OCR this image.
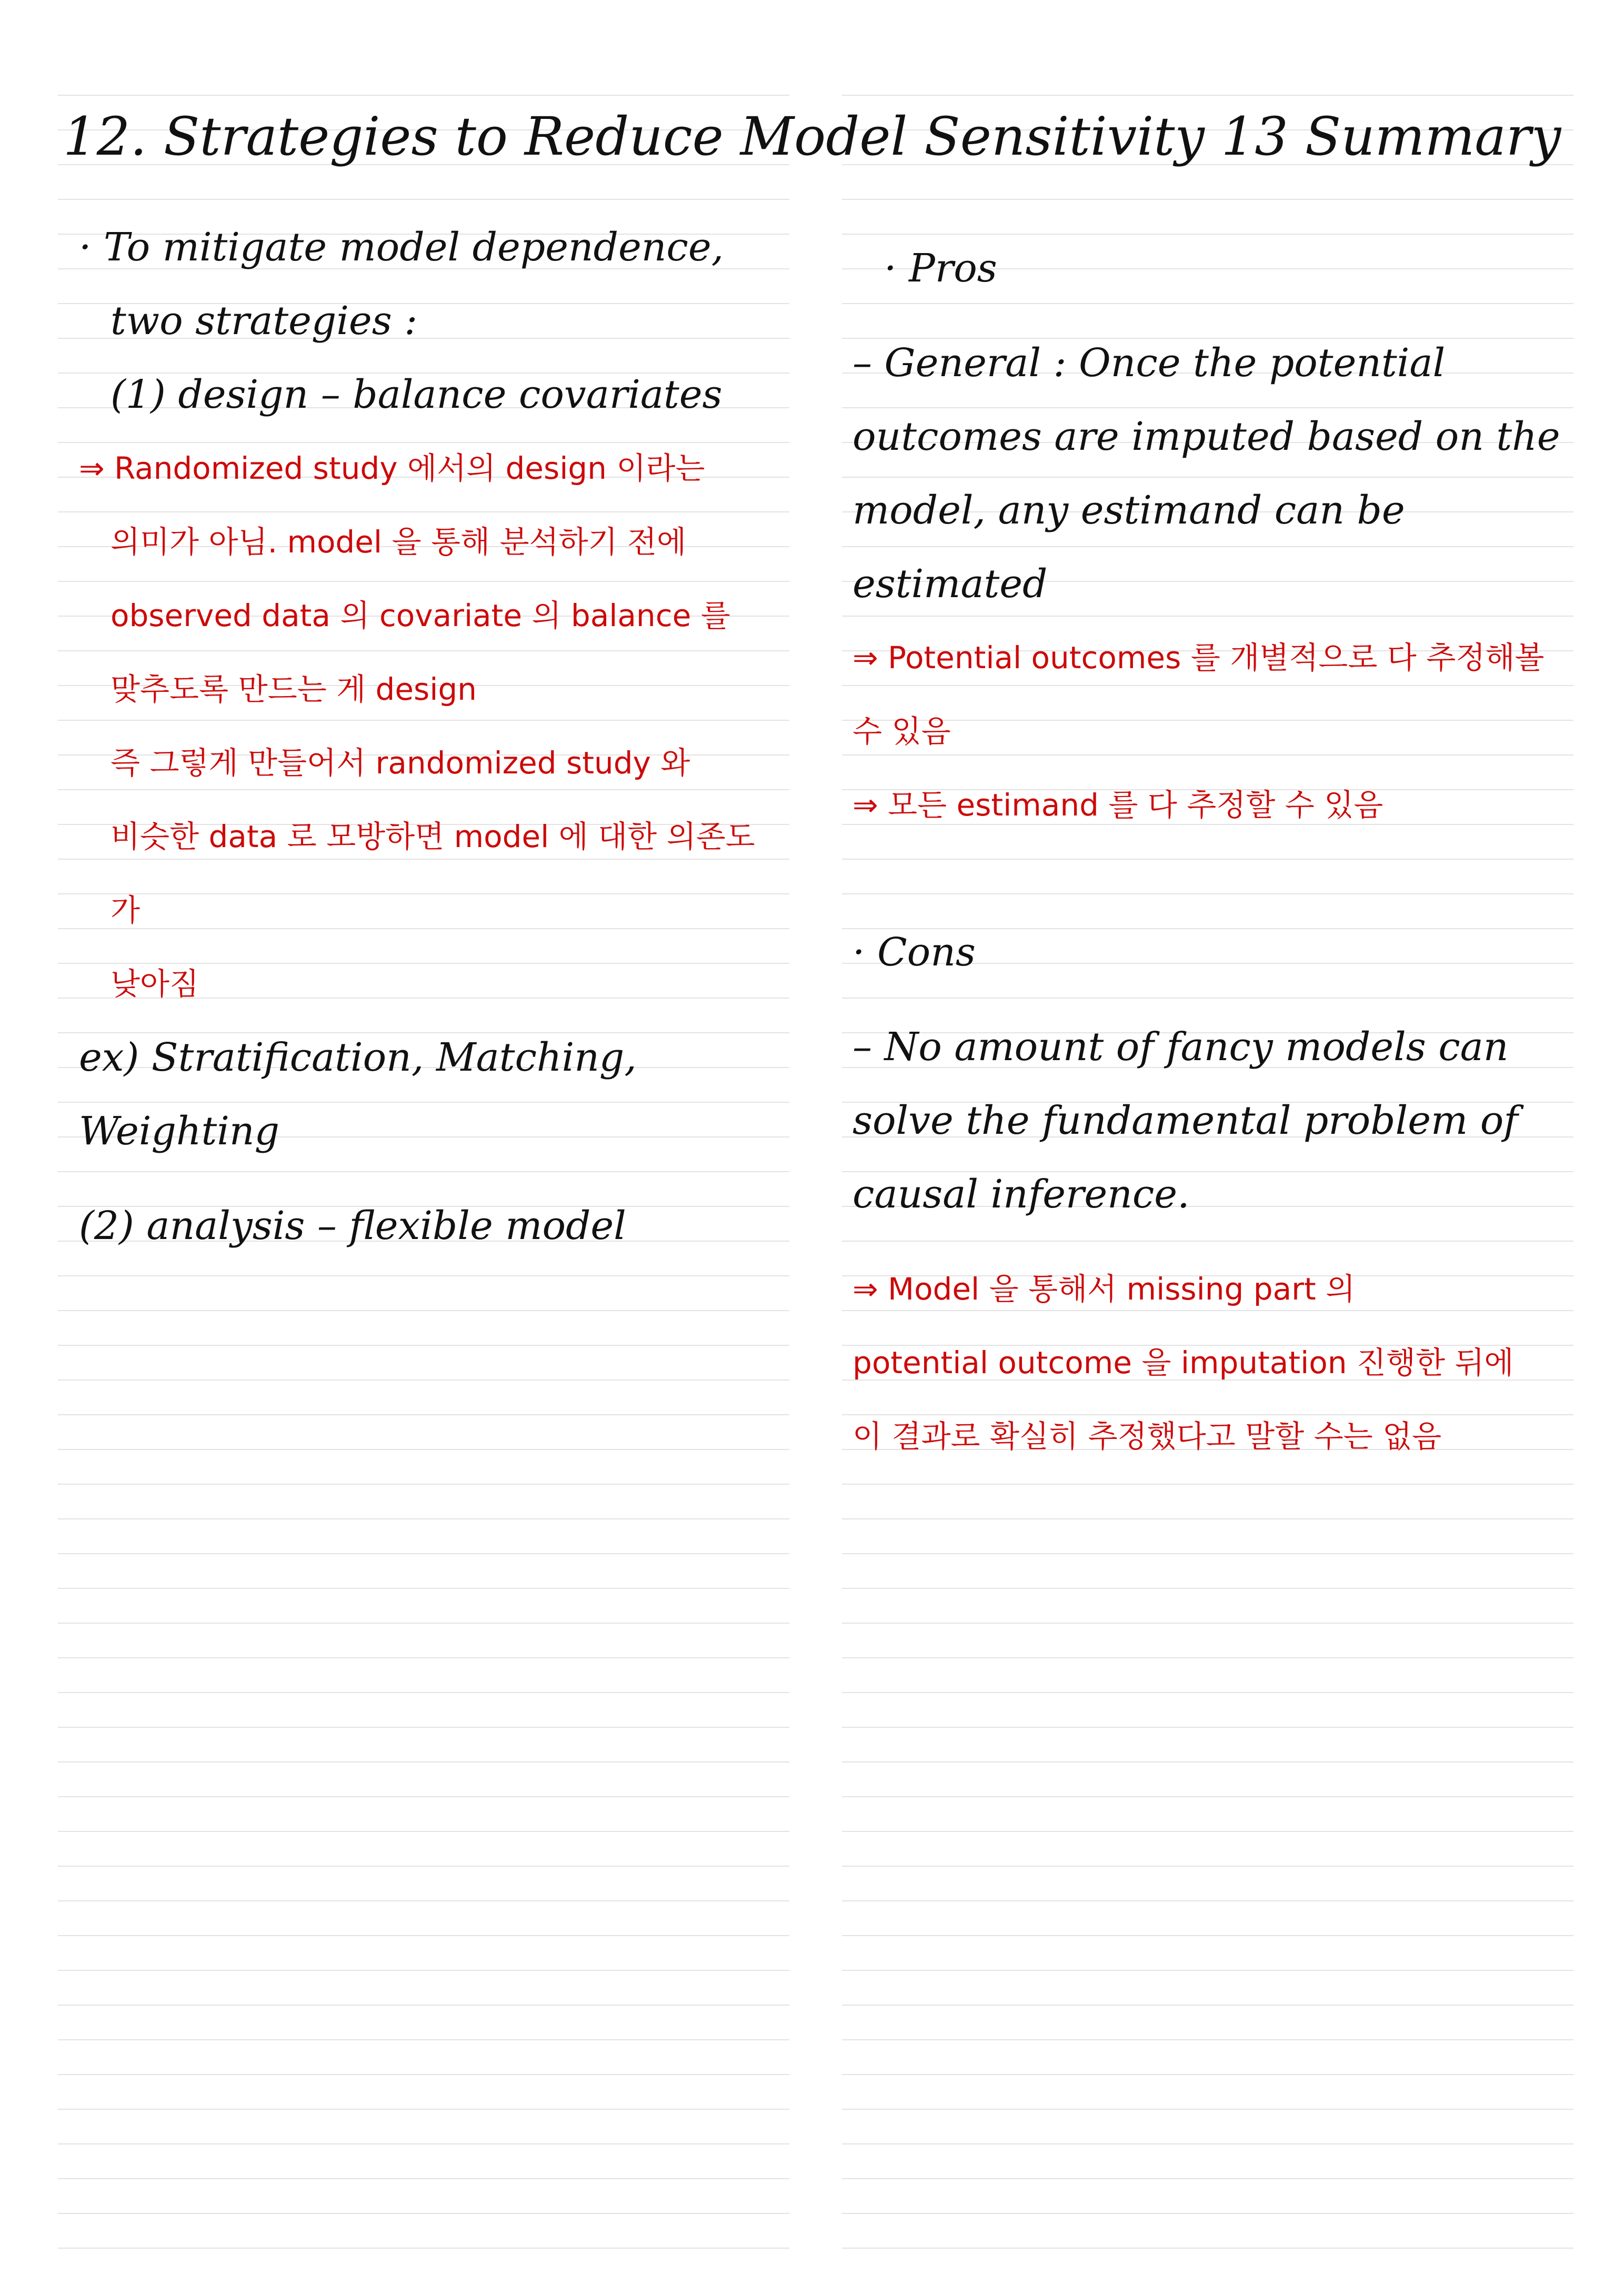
12. Strategies to Reduce Model Sensitivity 13 Summary
· To mitigate model dependence,
two strategies :
(1) design – balance covariates
⇒ Randomized study 에서의 design 이라는
의미가 아님. model 을 통해 분석하기 전에
observed data 의 covariate 의 balance 를
맞추도록 만드는 게 design
즉 그렇게 만들어서 randomized study 와
비슷한 data 로 모방하면 model 에 대한 의존도가
낮아짐
ex) Stratification, Matching, Weighting
(2) analysis – flexible model
· Pros
– General : Once the potential
outcomes are imputed based on the
model, any estimand can be
estimated
⇒ Potential outcomes 를 개별적으로 다 추정해볼 수 있음
⇒ 모든 estimand 를 다 추정할 수 있음
· Cons
– No amount of fancy models can
solve the fundamental problem of
causal inference.
⇒ Model 을 통해서 missing part 의
potential outcome 을 imputation 진행한 뒤에
이 결과로 확실히 추정했다고 말할 수는 없음
